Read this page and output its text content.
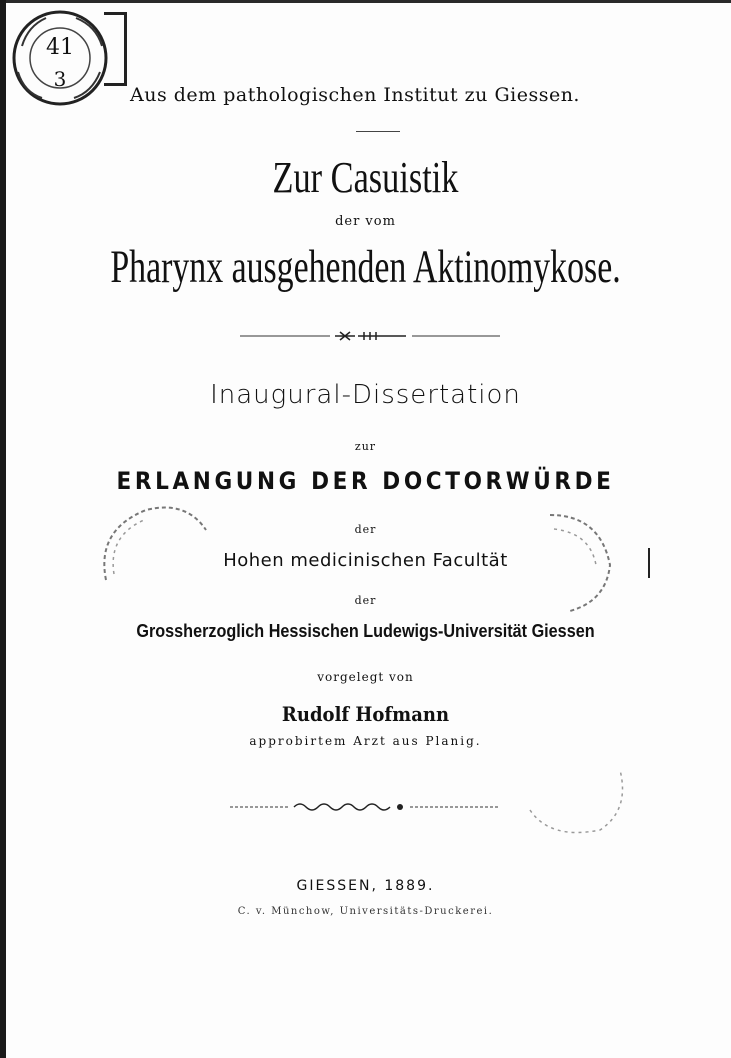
41
3
Aus dem pathologischen Institut zu Giessen.
Zur Casuistik
der vom
Pharynx ausgehenden Aktinomykose.
Inaugural-Dissertation
zur
ERLANGUNG DER DOCTORWÜRDE
der
Hohen medicinischen Facultät
der
Grossherzoglich Hessischen Ludewigs-Universität Giessen
vorgelegt von
Rudolf Hofmann
approbirtem Arzt aus Planig.
GIESSEN, 1889.
C. v. Münchow, Universitäts-Druckerei.
